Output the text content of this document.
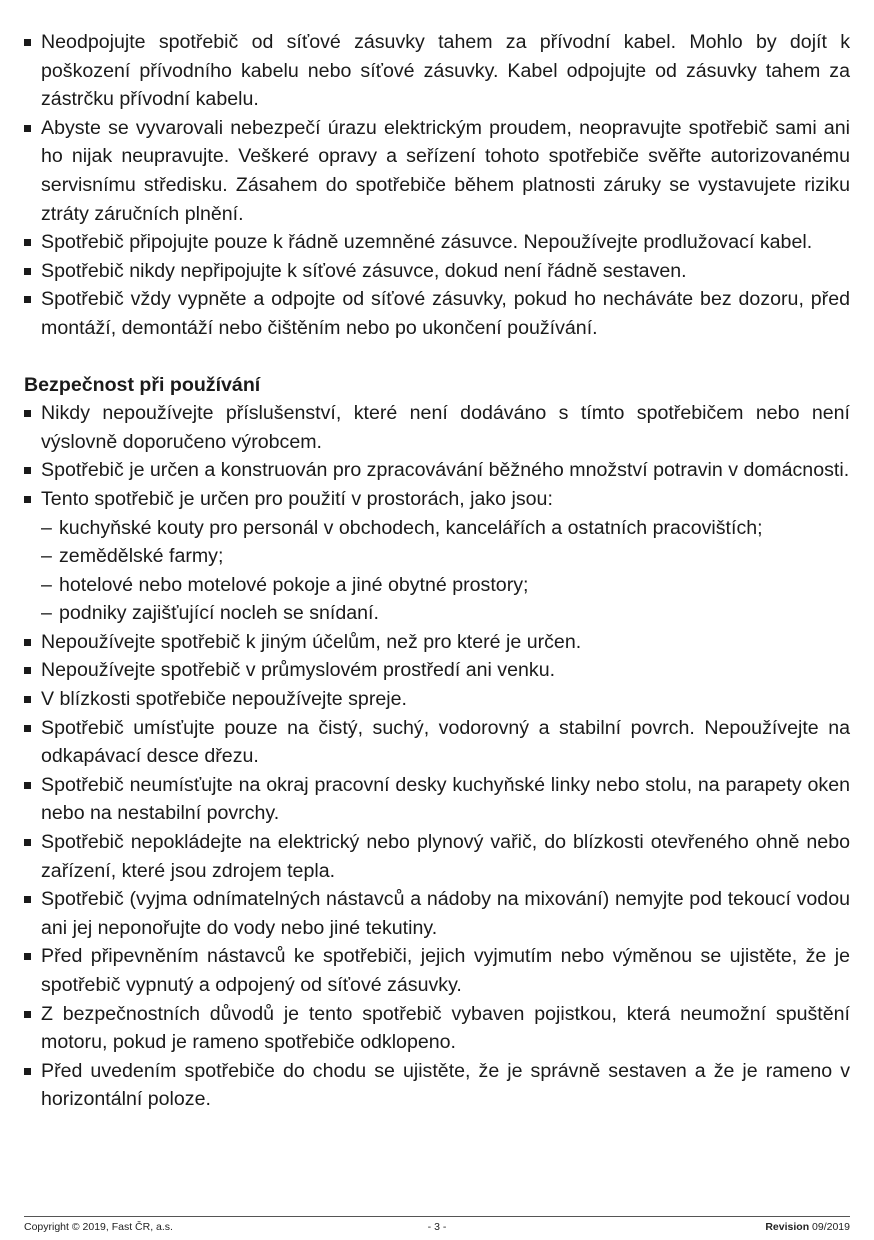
Neodpojujte spotřebič od síťové zásuvky tahem za přívodní kabel. Mohlo by dojít k poškození přívodního kabelu nebo síťové zásuvky. Kabel odpojujte od zásuvky tahem za zástrčku přívodní kabelu.
Abyste se vyvarovali nebezpečí úrazu elektrickým proudem, neopravujte spotřebič sami ani ho nijak neupravujte. Veškeré opravy a seřízení tohoto spotřebiče svěřte autorizovanému servisnímu středisku. Zásahem do spotřebiče během platnosti záruky se vystavujete riziku ztráty záručních plnění.
Spotřebič připojujte pouze k řádně uzemněné zásuvce. Nepoužívejte prodlužovací kabel.
Spotřebič nikdy nepřipojujte k síťové zásuvce, dokud není řádně sestaven.
Spotřebič vždy vypněte a odpojte od síťové zásuvky, pokud ho necháváte bez dozoru, před montáží, demontáží nebo čištěním nebo po ukončení používání.
Bezpečnost při používání
Nikdy nepoužívejte příslušenství, které není dodáváno s tímto spotřebičem nebo není výslovně doporučeno výrobcem.
Spotřebič je určen a konstruován pro zpracovávání běžného množství potravin v domácnosti.
Tento spotřebič je určen pro použití v prostorách, jako jsou:
– kuchyňské kouty pro personál v obchodech, kancelářích a ostatních pracovištích;
– zemědělské farmy;
– hotelové nebo motelové pokoje a jiné obytné prostory;
– podniky zajišťující nocleh se snídaní.
Nepoužívejte spotřebič k jiným účelům, než pro které je určen.
Nepoužívejte spotřebič v průmyslovém prostředí ani venku.
V blízkosti spotřebiče nepoužívejte spreje.
Spotřebič umísťujte pouze na čistý, suchý, vodorovný a stabilní povrch. Nepoužívejte na odkapávací desce dřezu.
Spotřebič neumísťujte na okraj pracovní desky kuchyňské linky nebo stolu, na parapety oken nebo na nestabilní povrchy.
Spotřebič nepokládejte na elektrický nebo plynový vařič, do blízkosti otevřeného ohně nebo zařízení, které jsou zdrojem tepla.
Spotřebič (vyjma odnímatelných nástavců a nádoby na mixování) nemyjte pod tekoucí vodou ani jej neponořujte do vody nebo jiné tekutiny.
Před připevněním nástavců ke spotřebiči, jejich vyjmutím nebo výměnou se ujistěte, že je spotřebič vypnutý a odpojený od síťové zásuvky.
Z bezpečnostních důvodů je tento spotřebič vybaven pojistkou, která neumožní spuštění motoru, pokud je rameno spotřebiče odklopeno.
Před uvedením spotřebiče do chodu se ujistěte, že je správně sestaven a že je rameno v horizontální poloze.
Copyright © 2019, Fast ČR, a.s.	- 3 -	Revision 09/2019
